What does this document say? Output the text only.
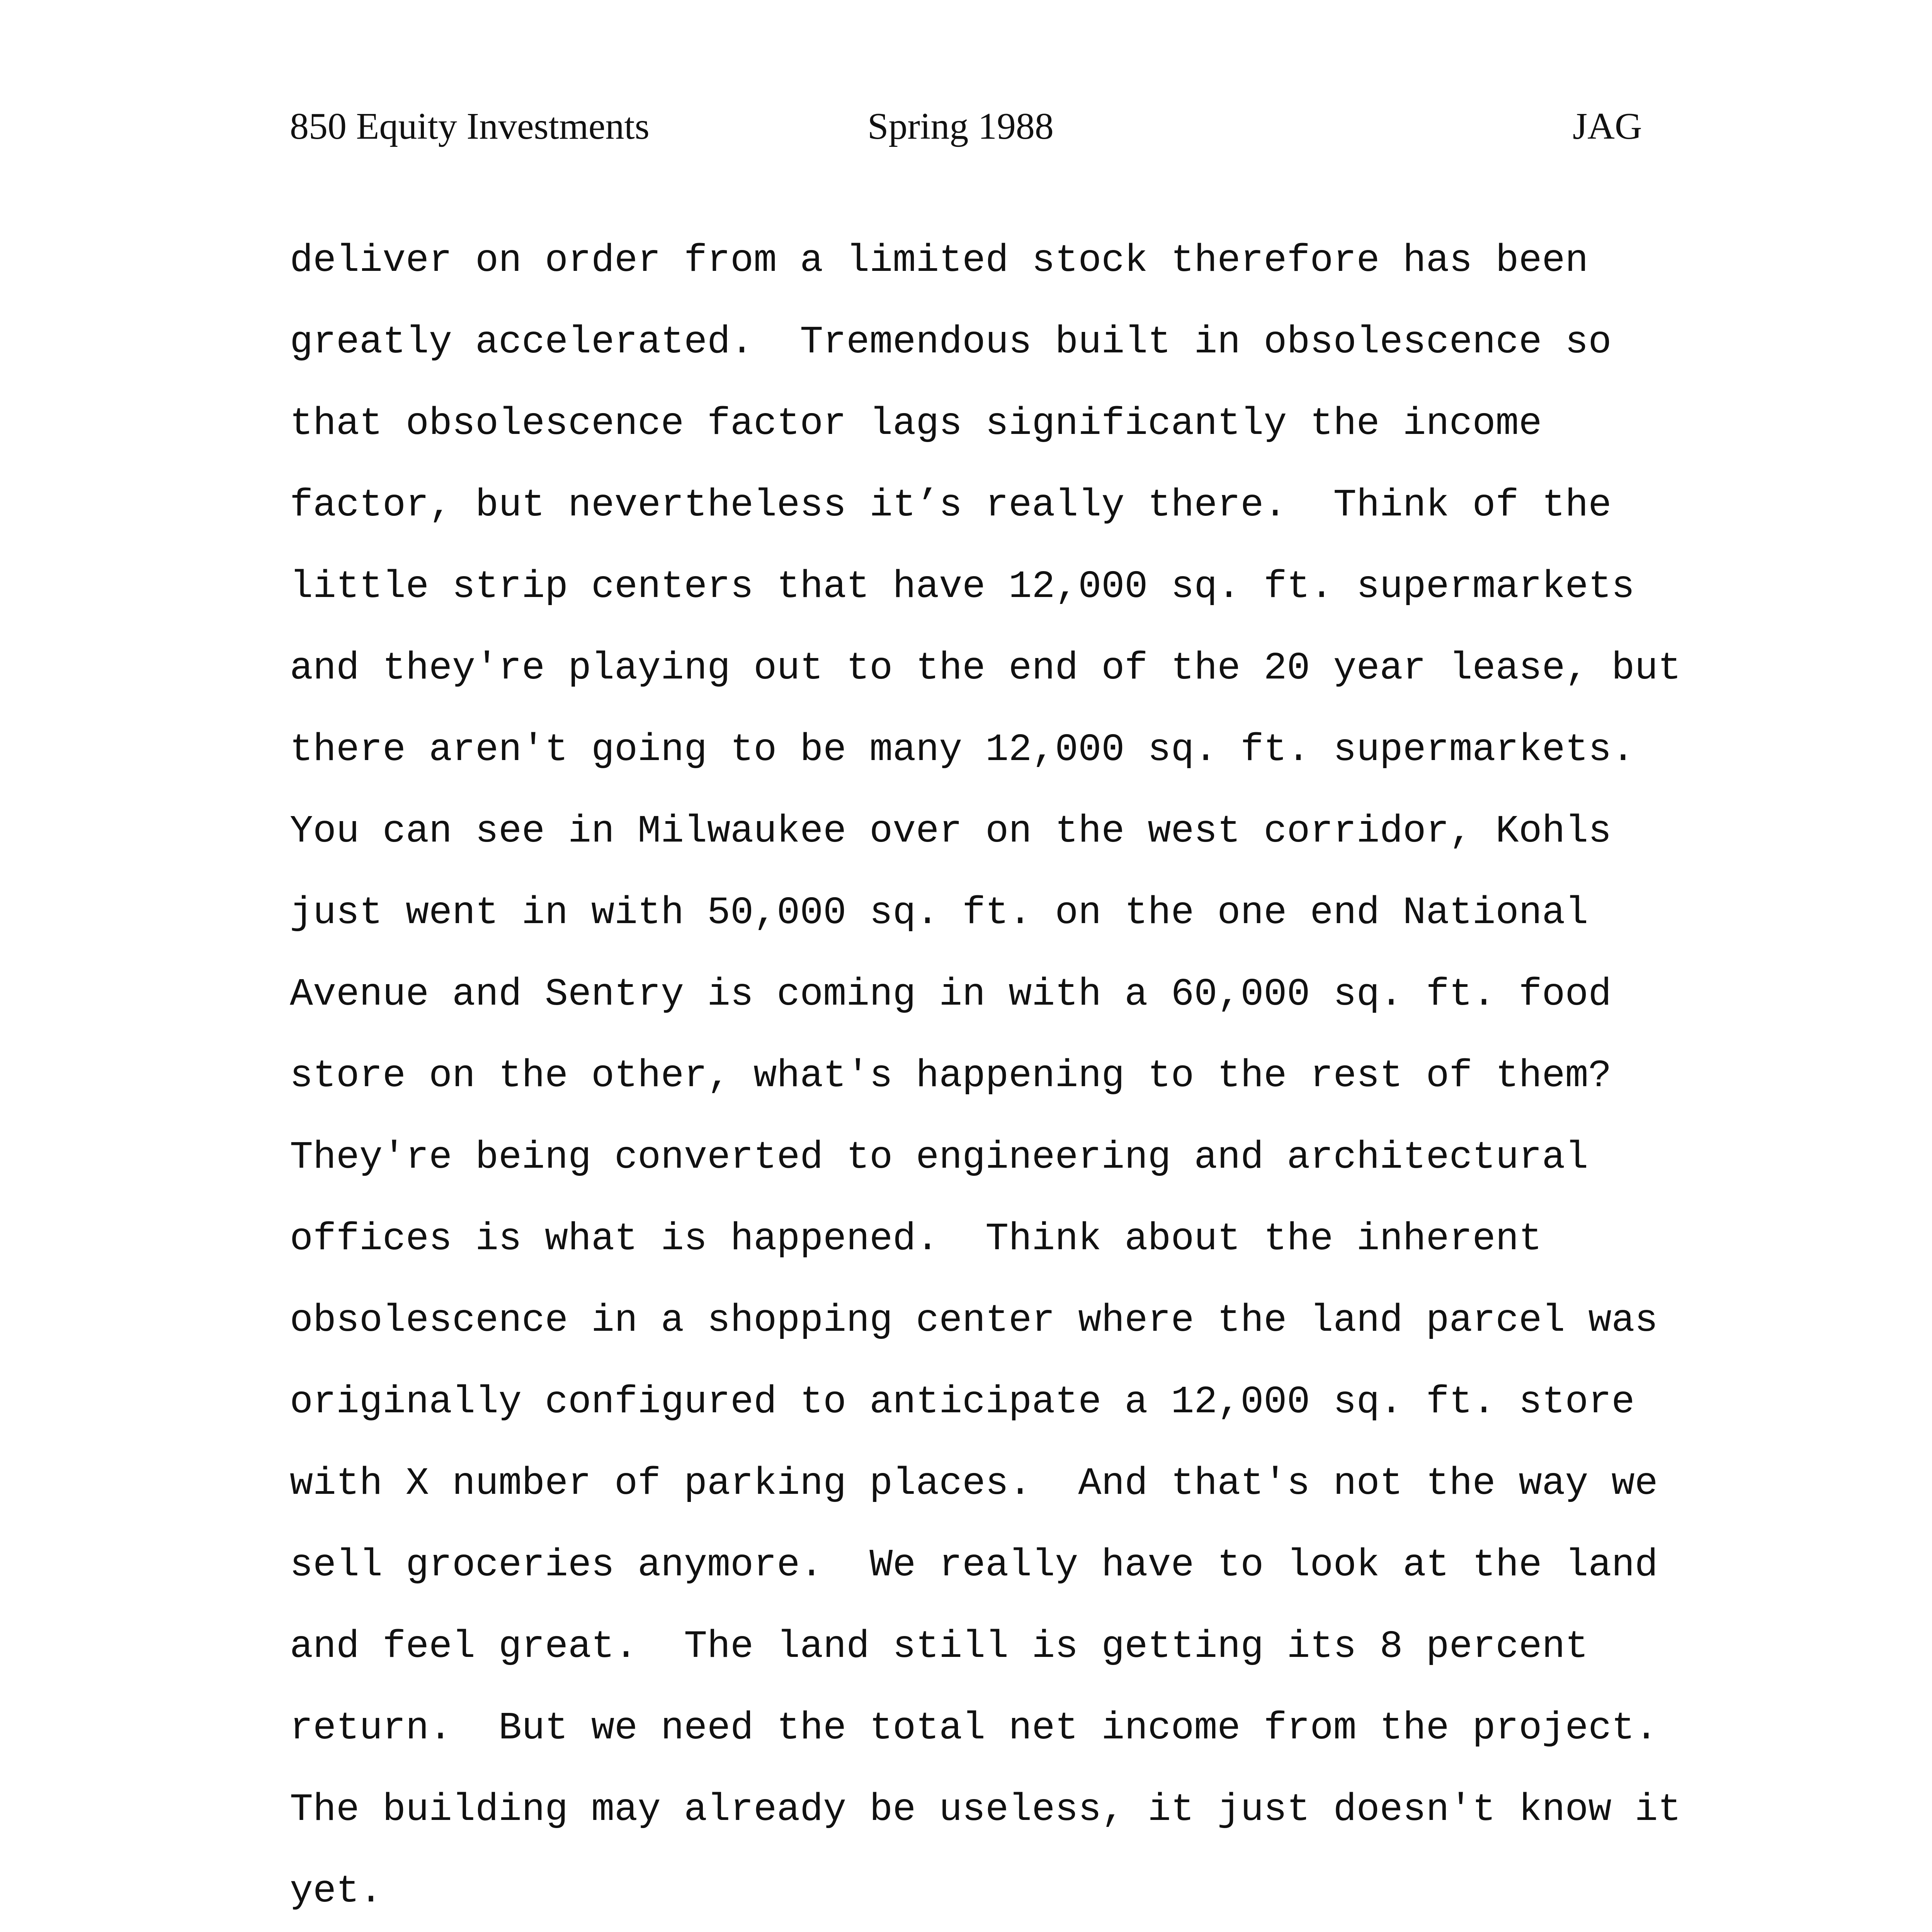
850 Equity Investments	Spring 1988	JAG
deliver on order from a limited stock therefore has been
greatly accelerated.  Tremendous built in obsolescence so
that obsolescence factor lags significantly the income
factor, but nevertheless it’s really there.  Think of the
little strip centers that have 12,000 sq. ft. supermarkets
and they're playing out to the end of the 20 year lease, but
there aren't going to be many 12,000 sq. ft. supermarkets.
You can see in Milwaukee over on the west corridor, Kohls
just went in with 50,000 sq. ft. on the one end National
Avenue and Sentry is coming in with a 60,000 sq. ft. food
store on the other, what's happening to the rest of them?
They're being converted to engineering and architectural
offices is what is happened.  Think about the inherent
obsolescence in a shopping center where the land parcel was
originally configured to anticipate a 12,000 sq. ft. store
with X number of parking places.  And that's not the way we
sell groceries anymore.  We really have to look at the land
and feel great.  The land still is getting its 8 percent
return.  But we need the total net income from the project.
The building may already be useless, it just doesn't know it
yet.
